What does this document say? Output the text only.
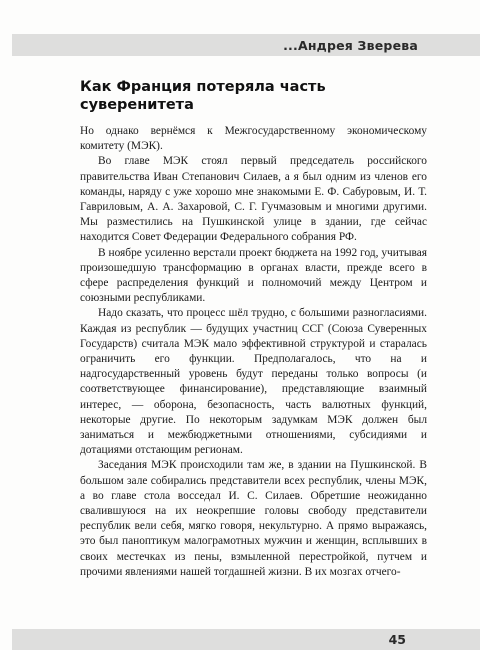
...Андрея Зверева
Как Франция потеряла часть суверенитета

Но однако вернёмся к Межгосударственному экономическому комитету (МЭК).

Во главе МЭК стоял первый председатель российского правительства Иван Степанович Силаев, а я был одним из членов его команды, наряду с уже хорошо мне знакомыми Е. Ф. Сабуровым, И. Т. Гавриловым, А. А. Захаровой, С. Г. Гучмазовым и многими другими. Мы разместились на Пушкинской улице в здании, где сейчас находится Совет Федерации Федерального собрания РФ.

В ноябре усиленно верстали проект бюджета на 1992 год, учитывая произошедшую трансформацию в органах власти, прежде всего в сфере распределения функций и полномочий между Центром и союзными республиками.

Надо сказать, что процесс шёл трудно, с большими разногласиями. Каждая из республик — будущих участниц ССГ (Союза Суверенных Государств) считала МЭК мало эффективной структурой и старалась ограничить его функции. Предполагалось, что на и надгосударственный уровень будут переданы только вопросы (и соответствующее финансирование), представляющие взаимный интерес, — оборона, безопасность, часть валютных функций, некоторые другие. По некоторым задумкам МЭК должен был заниматься и межбюджетными отношениями, субсидиями и дотациями отстающим регионам.

Заседания МЭК происходили там же, в здании на Пушкинской. В большом зале собирались представители всех республик, члены МЭК, а во главе стола восседал И. С. Силаев. Обретшие неожиданно свалившуюся на их неокрепшие головы свободу представители республик вели себя, мягко говоря, некультурно. А прямо выражаясь, это был паноптикум малограмотных мужчин и женщин, всплывших в своих местечках из пены, взмыленной перестройкой, путчем и прочими явлениями нашей тогдашней жизни. В их мозгах отчего-

45
